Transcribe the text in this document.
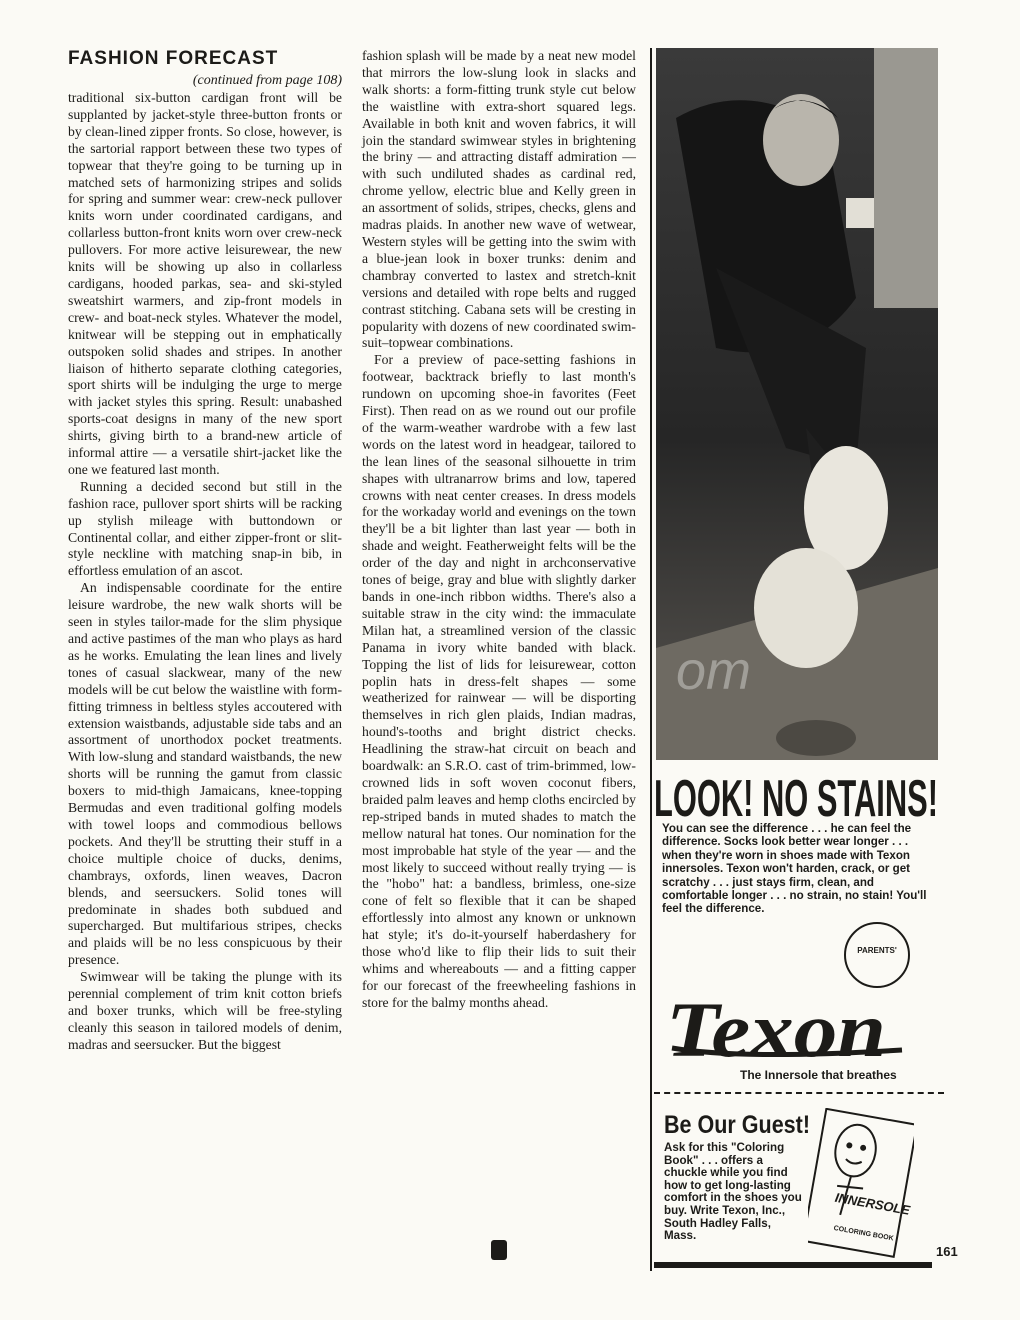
FASHION FORECAST

(continued from page 108)

traditional six-button cardigan front will be supplanted by jacket-style three-button fronts or by clean-lined zipper fronts. So close, however, is the sartorial rapport between these two types of topwear that they're going to be turning up in matched sets of harmonizing stripes and solids for spring and summer wear: crew-neck pullover knits worn under coordinated cardigans, and collarless button-front knits worn over crew-neck pullovers. For more active leisurewear, the new knits will be showing up also in collarless cardigans, hooded parkas, sea- and ski-styled sweatshirt warmers, and zip-front models in crew- and boat-neck styles. Whatever the model, knitwear will be stepping out in emphatically outspoken solid shades and stripes. In another liaison of hitherto separate clothing categories, sport shirts will be indulging the urge to merge with jacket styles this spring. Result: unabashed sports-coat designs in many of the new sport shirts, giving birth to a brand-new article of informal attire — a versatile shirt-jacket like the one we featured last month.

Running a decided second but still in the fashion race, pullover sport shirts will be racking up stylish mileage with buttondown or Continental collar, and either zipper-front or slit-style neckline with matching snap-in bib, in effortless emulation of an ascot.

An indispensable coordinate for the entire leisure wardrobe, the new walk shorts will be seen in styles tailor-made for the slim physique and active pastimes of the man who plays as hard as he works. Emulating the lean lines and lively tones of casual slackwear, many of the new models will be cut below the waistline with form-fitting trimness in beltless styles accoutered with extension waistbands, adjustable side tabs and an assortment of unorthodox pocket treatments. With low-slung and standard waistbands, the new shorts will be running the gamut from classic boxers to mid-thigh Jamaicans, knee-topping Bermudas and even traditional golfing models with towel loops and commodious bellows pockets. And they'll be strutting their stuff in a choice multiple choice of ducks, denims, chambrays, oxfords, linen weaves, Dacron blends, and seersuckers. Solid tones will predominate in shades both subdued and supercharged. But multifarious stripes, checks and plaids will be no less conspicuous by their presence.

Swimwear will be taking the plunge with its perennial complement of trim knit cotton briefs and boxer trunks, which will be free-styling cleanly this season in tailored models of denim, madras and seersucker. But the biggest

fashion splash will be made by a neat new model that mirrors the low-slung look in slacks and walk shorts: a form-fitting trunk style cut below the waistline with extra-short squared legs. Available in both knit and woven fabrics, it will join the standard swimwear styles in brightening the briny — and attracting distaff admiration — with such undiluted shades as cardinal red, chrome yellow, electric blue and Kelly green in an assortment of solids, stripes, checks, glens and madras plaids. In another new wave of wetwear, Western styles will be getting into the swim with a blue-jean look in boxer trunks: denim and chambray converted to lastex and stretch-knit versions and detailed with rope belts and rugged contrast stitching. Cabana sets will be cresting in popularity with dozens of new coordinated swim-suit–topwear combinations.

For a preview of pace-setting fashions in footwear, backtrack briefly to last month's rundown on upcoming shoe-in favorites (Feet First). Then read on as we round out our profile of the warm-weather wardrobe with a few last words on the latest word in headgear, tailored to the lean lines of the seasonal silhouette in trim shapes with ultranarrow brims and low, tapered crowns with neat center creases. In dress models for the workaday world and evenings on the town they'll be a bit lighter than last year — both in shade and weight. Featherweight felts will be the order of the day and night in archconservative tones of beige, gray and blue with slightly darker bands in one-inch ribbon widths. There's also a suitable straw in the city wind: the immaculate Milan hat, a streamlined version of the classic Panama in ivory white banded with black. Topping the list of lids for leisurewear, cotton poplin hats in dress-felt shapes — some weatherized for rainwear — will be disporting themselves in rich glen plaids, Indian madras, hound's-tooths and bright district checks. Headlining the straw-hat circuit on beach and boardwalk: an S.R.O. cast of trim-brimmed, low-crowned lids in soft woven coconut fibers, braided palm leaves and hemp cloths encircled by rep-striped bands in muted shades to match the mellow natural hat tones. Our nomination for the most improbable hat style of the year — and the most likely to succeed without really trying — is the "hobo" hat: a bandless, brimless, one-size cone of felt so flexible that it can be shaped effortlessly into almost any known or unknown hat style; it's do-it-yourself haberdashery for those who'd like to flip their lids to suit their whims and whereabouts — and a fitting capper for our forecast of the freewheeling fashions in store for the balmy months ahead.

om

LOOK! NO STAINS!

You can see the difference . . . he can feel the difference. Socks look better wear longer . . . when they're worn in shoes made with Texon innersoles. Texon won't harden, crack, or get scratchy . . . just stays firm, clean, and comfortable longer . . . no strain, no stain! You'll feel the difference.

PARENTS'
Texon

The Innersole that breathes

Be Our Guest!

Ask for this "Coloring Book" . . . offers a chuckle while you find how to get long-lasting comfort in the shoes you buy. Write Texon, Inc., South Hadley Falls, Mass.

INNERSOLE
COLORING BOOK

161
